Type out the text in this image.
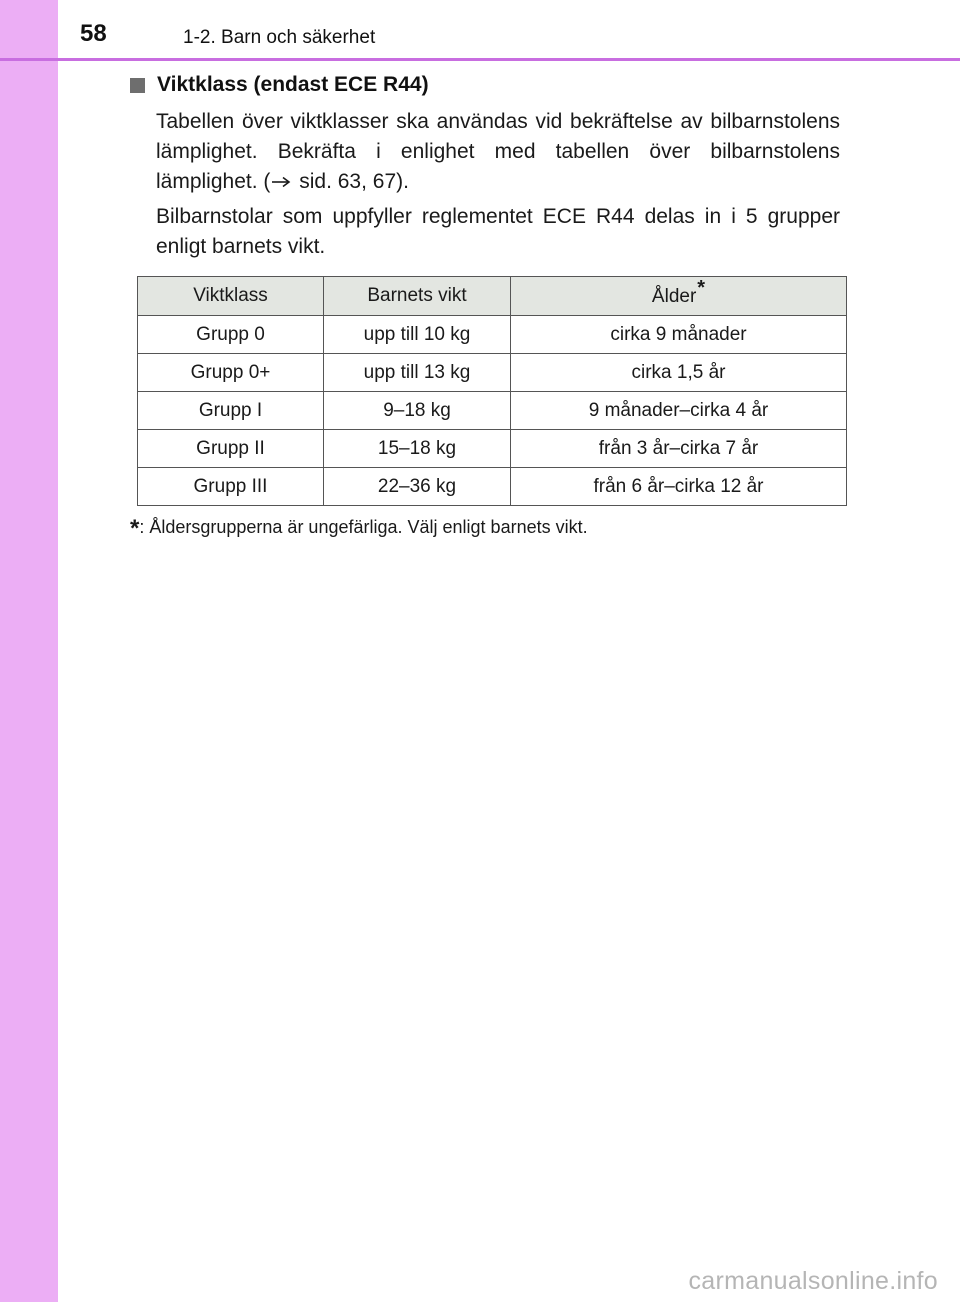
58	1-2. Barn och säkerhet
Viktklass (endast ECE R44)
Tabellen över viktklasser ska användas vid bekräftelse av bilbarnstolens lämplighet. Bekräfta i enlighet med tabellen över bilbarnstolens lämplighet. ( sid. 63, 67).
Bilbarnstolar som uppfyller reglementet ECE R44 delas in i 5 grupper enligt barnets vikt.
Viktklass	Barnets vikt	Ålder*
Grupp 0	upp till 10 kg	cirka 9 månader
Grupp 0+	upp till 13 kg	cirka 1,5 år
Grupp I	9–18 kg	9 månader–cirka 4 år
Grupp II	15–18 kg	från 3 år–cirka 7 år
Grupp III	22–36 kg	från 6 år–cirka 12 år
*: Åldersgrupperna är ungefärliga. Välj enligt barnets vikt.
carmanualsonline.info
